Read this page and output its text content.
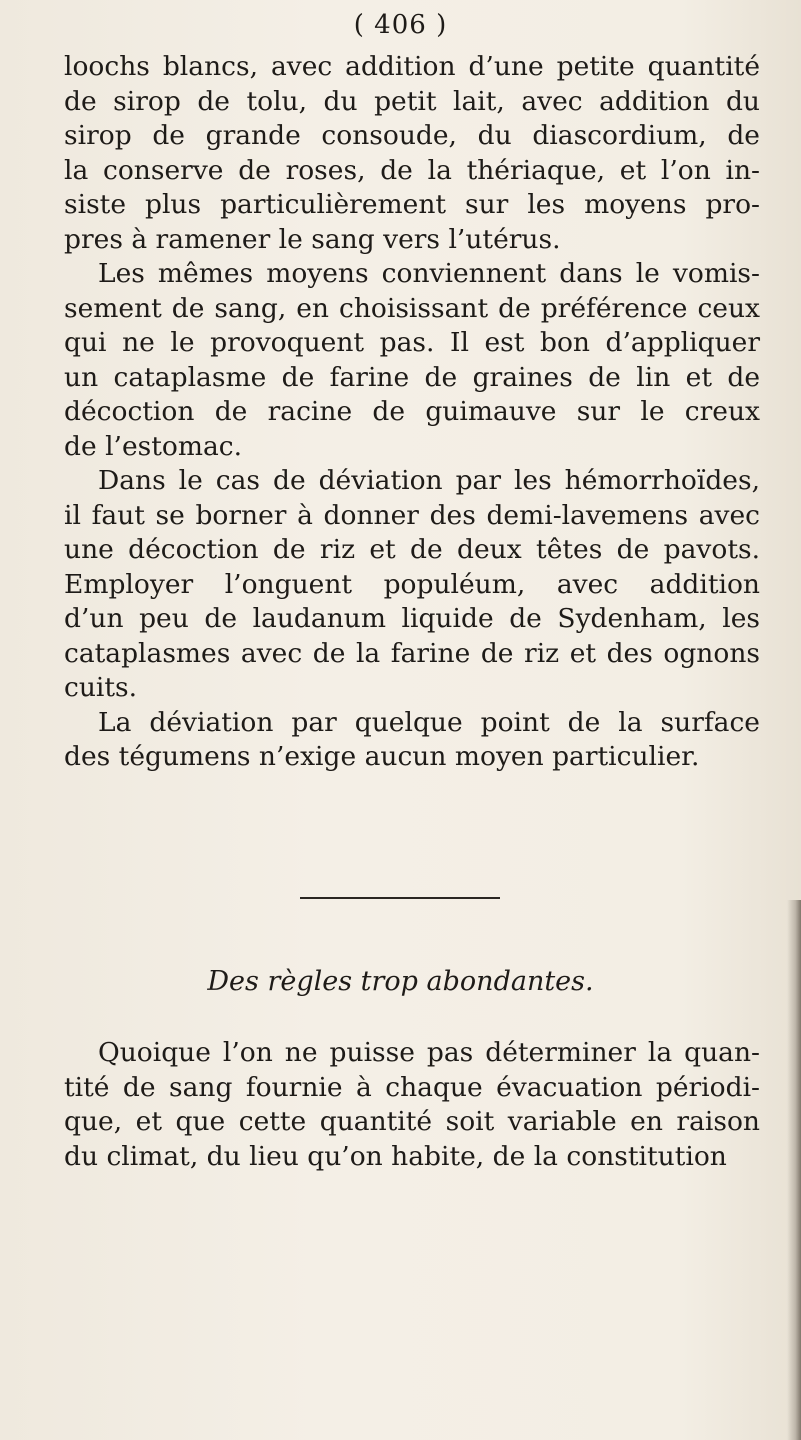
( 406 )
loochs blancs, avec addition d’une petite quantité
de sirop de tolu, du petit lait, avec addition du
sirop de grande consoude, du diascordium, de
la conserve de roses, de la thériaque, et l’on in-
siste plus particulièrement sur les moyens pro-
pres à ramener le sang vers l’utérus.
Les mêmes moyens conviennent dans le vomis-
sement de sang, en choisissant de préférence ceux
qui ne le provoquent pas. Il est bon d’appliquer
un cataplasme de farine de graines de lin et de
décoction de racine de guimauve sur le creux
de l’estomac.
Dans le cas de déviation par les hémorrhoïdes,
il faut se borner à donner des demi-lavemens avec
une décoction de riz et de deux têtes de pavots.
Employer l’onguent populéum, avec addition
d’un peu de laudanum liquide de Sydenham, les
cataplasmes avec de la farine de riz et des ognons
cuits.
La déviation par quelque point de la surface
des tégumens n’exige aucun moyen particulier.
Des règles trop abondantes.
Quoique l’on ne puisse pas déterminer la quan-
tité de sang fournie à chaque évacuation périodi-
que, et que cette quantité soit variable en raison
du climat, du lieu qu’on habite, de la constitution
